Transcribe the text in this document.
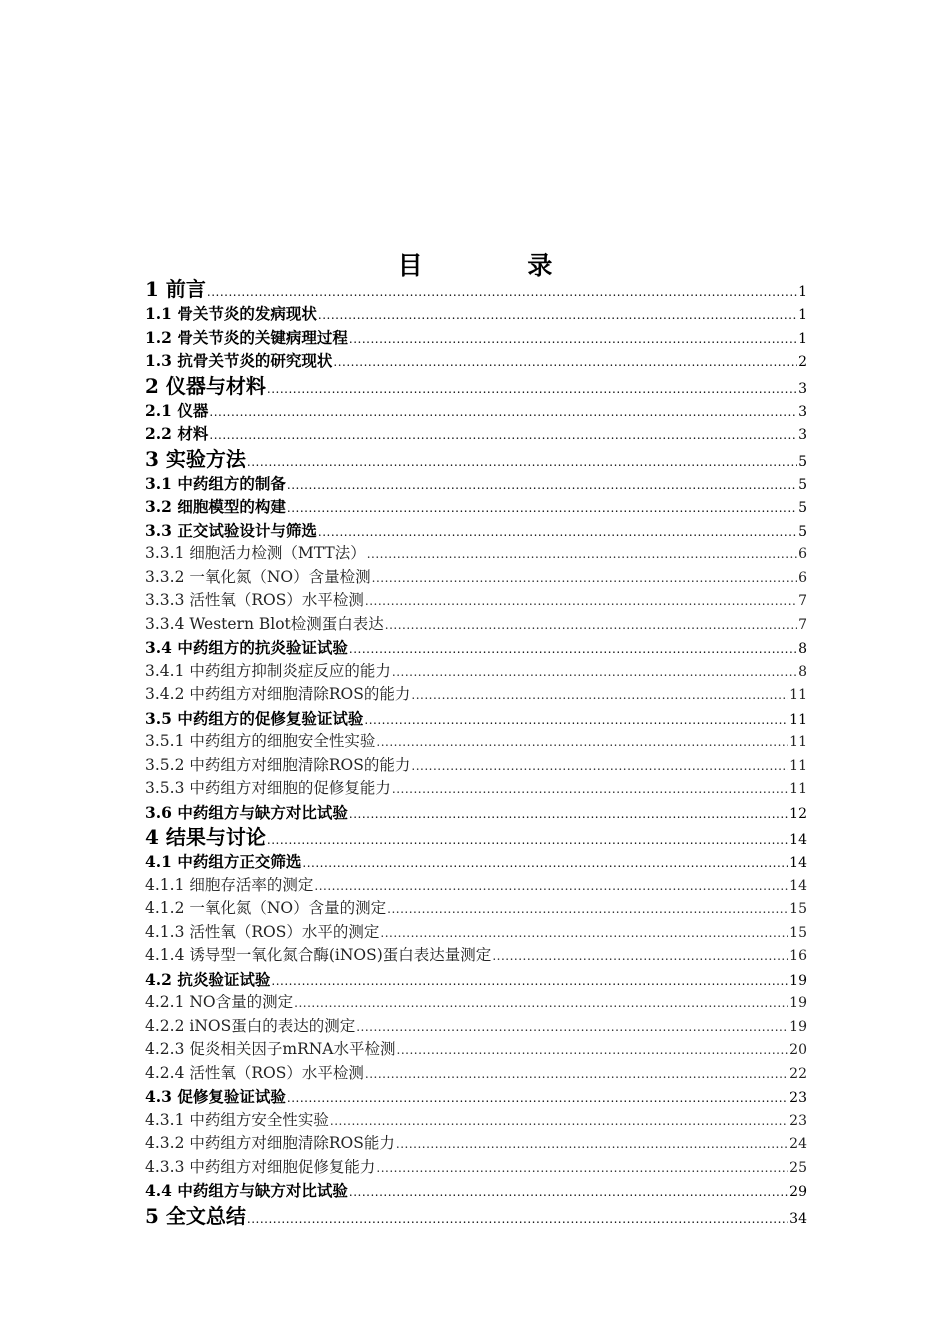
目 录
1 前言 .....	1
1.1 骨关节炎的发病现状 .....	1
1.2 骨关节炎的关键病理过程 .....	1
1.3 抗骨关节炎的研究现状 .....	2
2 仪器与材料 .....	3
2.1 仪器 .....	3
2.2 材料 .....	3
3 实验方法 .....	5
3.1 中药组方的制备 .....	5
3.2 细胞模型的构建 .....	5
3.3 正交试验设计与筛选 .....	5
3.3.1 细胞活力检测（MTT法） .....	6
3.3.2 一氧化氮（NO）含量检测 .....	6
3.3.3 活性氧（ROS）水平检测 .....	7
3.3.4 Western Blot检测蛋白表达 .....	7
3.4 中药组方的抗炎验证试验 .....	8
3.4.1 中药组方抑制炎症反应的能力 .....	8
3.4.2 中药组方对细胞清除ROS的能力 .....	11
3.5 中药组方的促修复验证试验 .....	11
3.5.1 中药组方的细胞安全性实验 .....	11
3.5.2 中药组方对细胞清除ROS的能力 .....	11
3.5.3 中药组方对细胞的促修复能力 .....	11
3.6 中药组方与缺方对比试验 .....	12
4 结果与讨论 .....	14
4.1 中药组方正交筛选 .....	14
4.1.1 细胞存活率的测定 .....	14
4.1.2 一氧化氮（NO）含量的测定 .....	15
4.1.3 活性氧（ROS）水平的测定 .....	15
4.1.4 诱导型一氧化氮合酶(iNOS)蛋白表达量测定 .....	16
4.2 抗炎验证试验 .....	19
4.2.1 NO含量的测定 .....	19
4.2.2 iNOS蛋白的表达的测定 .....	19
4.2.3 促炎相关因子mRNA水平检测 .....	20
4.2.4 活性氧（ROS）水平检测 .....	22
4.3 促修复验证试验 .....	23
4.3.1 中药组方安全性实验 .....	23
4.3.2 中药组方对细胞清除ROS能力 .....	24
4.3.3 中药组方对细胞促修复能力 .....	25
4.4 中药组方与缺方对比试验 .....	29
5 全文总结 .....	34
